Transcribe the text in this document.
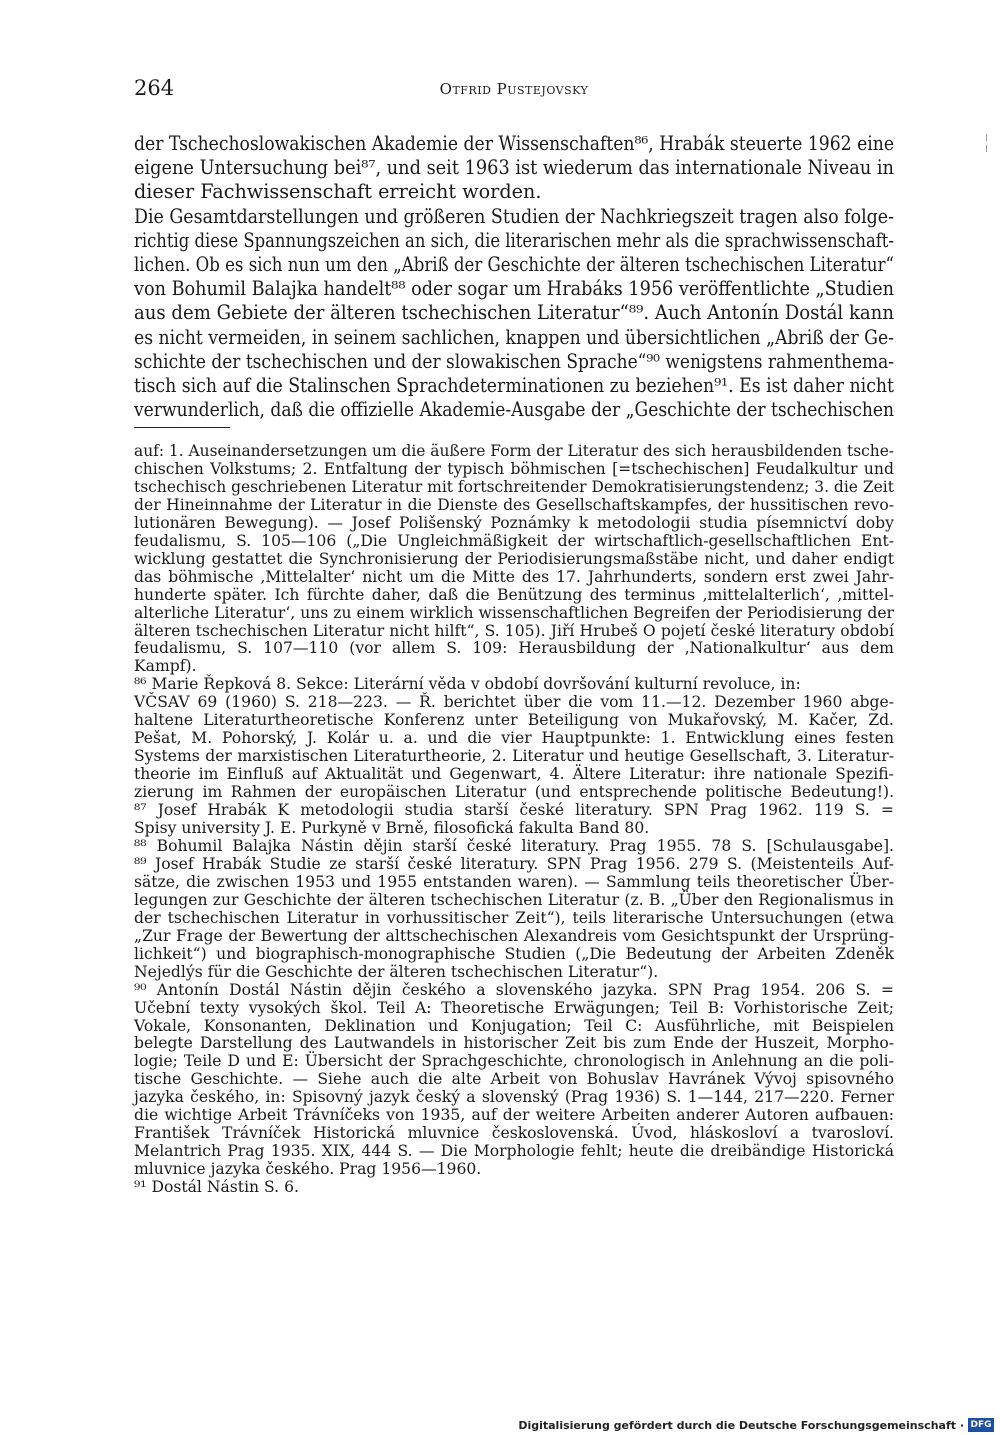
264	Otfrid Pustejovsky
der Tschechoslowakischen Akademie der Wissenschaften⁸⁶, Hrabák steuerte 1962 eine
eigene Untersuchung bei⁸⁷, und seit 1963 ist wiederum das internationale Niveau in
dieser Fachwissenschaft erreicht worden.
Die Gesamtdarstellungen und größeren Studien der Nachkriegszeit tragen also folge-
richtig diese Spannungszeichen an sich, die literarischen mehr als die sprachwissenschaft-
lichen. Ob es sich nun um den „Abriß der Geschichte der älteren tschechischen Literatur“
von Bohumil Balajka handelt⁸⁸ oder sogar um Hrabáks 1956 veröffentlichte „Studien
aus dem Gebiete der älteren tschechischen Literatur“⁸⁹. Auch Antonín Dostál kann
es nicht vermeiden, in seinem sachlichen, knappen und übersichtlichen „Abriß der Ge-
schichte der tschechischen und der slowakischen Sprache“⁹⁰ wenigstens rahmenthema-
tisch sich auf die Stalinschen Sprachdeterminationen zu beziehen⁹¹. Es ist daher nicht
verwunderlich, daß die offizielle Akademie-Ausgabe der „Geschichte der tschechischen
auf: 1. Auseinandersetzungen um die äußere Form der Literatur des sich herausbildenden tsche-
chischen Volkstums; 2. Entfaltung der typisch böhmischen [=tschechischen] Feudalkultur und
tschechisch geschriebenen Literatur mit fortschreitender Demokratisierungstendenz; 3. die Zeit
der Hineinnahme der Literatur in die Dienste des Gesellschaftskampfes, der hussitischen revo-
lutionären Bewegung). — Josef Polišenský Poznámky k metodologii studia písemnictví doby
feudalismu, S. 105—106 („Die Ungleichmäßigkeit der wirtschaftlich-gesellschaftlichen Ent-
wicklung gestattet die Synchronisierung der Periodisierungsmaßstäbe nicht, und daher endigt
das böhmische ‚Mittelalter‘ nicht um die Mitte des 17. Jahrhunderts, sondern erst zwei Jahr-
hunderte später. Ich fürchte daher, daß die Benützung des terminus ‚mittelalterlich‘, ‚mittel-
alterliche Literatur‘, uns zu einem wirklich wissenschaftlichen Begreifen der Periodisierung der
älteren tschechischen Literatur nicht hilft“, S. 105). Jiří Hrubeš O pojetí české literatury období
feudalismu, S. 107—110 (vor allem S. 109: Herausbildung der ‚Nationalkultur‘ aus dem
Kampf).
⁸⁶ Marie Řepková 8. Sekce: Literární věda v období dovršování kulturní revoluce, in:
VČSAV 69 (1960) S. 218—223. — Ř. berichtet über die vom 11.—12. Dezember 1960 abge-
haltene Literaturtheoretische Konferenz unter Beteiligung von Mukařovský, M. Kačer, Zd.
Pešat, M. Pohorský, J. Kolár u. a. und die vier Hauptpunkte: 1. Entwicklung eines festen
Systems der marxistischen Literaturtheorie, 2. Literatur und heutige Gesellschaft, 3. Literatur-
theorie im Einfluß auf Aktualität und Gegenwart, 4. Ältere Literatur: ihre nationale Spezifi-
zierung im Rahmen der europäischen Literatur (und entsprechende politische Bedeutung!).
⁸⁷ Josef Hrabák K metodologii studia starší české literatury. SPN Prag 1962. 119 S. =
Spisy university J. E. Purkyně v Brně, filosofická fakulta Band 80.
⁸⁸ Bohumil Balajka Nástin dějin starší české literatury. Prag 1955. 78 S. [Schulausgabe].
⁸⁹ Josef Hrabák Studie ze starší české literatury. SPN Prag 1956. 279 S. (Meistenteils Auf-
sätze, die zwischen 1953 und 1955 entstanden waren). — Sammlung teils theoretischer Über-
legungen zur Geschichte der älteren tschechischen Literatur (z. B. „Über den Regionalismus in
der tschechischen Literatur in vorhussitischer Zeit“), teils literarische Untersuchungen (etwa
„Zur Frage der Bewertung der alttschechischen Alexandreis vom Gesichtspunkt der Ursprüng-
lichkeit“) und biographisch-monographische Studien („Die Bedeutung der Arbeiten Zdeněk
Nejedlýs für die Geschichte der älteren tschechischen Literatur“).
⁹⁰ Antonín Dostál Nástin dějin českého a slovenského jazyka. SPN Prag 1954. 206 S. =
Učební texty vysokých škol. Teil A: Theoretische Erwägungen; Teil B: Vorhistorische Zeit;
Vokale, Konsonanten, Deklination und Konjugation; Teil C: Ausführliche, mit Beispielen
belegte Darstellung des Lautwandels in historischer Zeit bis zum Ende der Huszeit, Morpho-
logie; Teile D und E: Übersicht der Sprachgeschichte, chronologisch in Anlehnung an die poli-
tische Geschichte. — Siehe auch die alte Arbeit von Bohuslav Havránek Vývoj spisovného
jazyka českého, in: Spisovný jazyk český a slovenský (Prag 1936) S. 1—144, 217—220. Ferner
die wichtige Arbeit Trávníčeks von 1935, auf der weitere Arbeiten anderer Autoren aufbauen:
František Trávníček Historická mluvnice československá. Úvod, hláskosloví a tvarosloví.
Melantrich Prag 1935. XIX, 444 S. — Die Morphologie fehlt; heute die dreibändige Historická
mluvnice jazyka českého. Prag 1956—1960.
⁹¹ Dostál Nástin S. 6.
Digitalisierung gefördert durch die Deutsche Forschungsgemeinschaft · DFG
